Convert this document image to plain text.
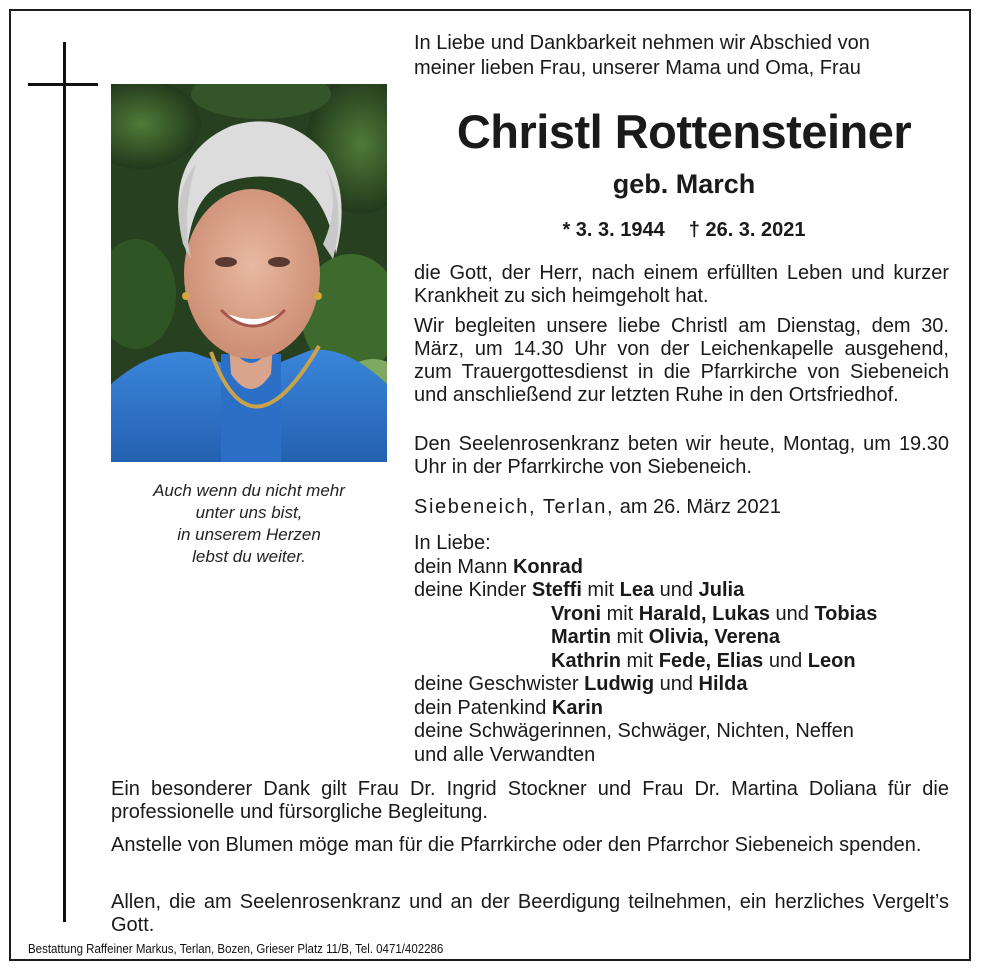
Auch wenn du nicht mehr
unter uns bist,
in unserem Herzen
lebst du weiter.
In Liebe und Dankbarkeit nehmen wir Abschied von
meiner lieben Frau, unserer Mama und Oma, Frau
Christl Rottensteiner
geb. March
* 3. 3. 1944 † 26. 3. 2021
die Gott, der Herr, nach einem erfüllten Leben und kurzer Krankheit zu sich heimgeholt hat.
Wir begleiten unsere liebe Christl am Dienstag, dem 30. März, um 14.30 Uhr von der Leichenkapelle ausgehend, zum Trauergottesdienst in die Pfarrkirche von Siebeneich und anschließend zur letzten Ruhe in den Ortsfriedhof.
Den Seelenrosenkranz beten wir heute, Montag, um 19.30 Uhr in der Pfarrkirche von Siebeneich.
Siebeneich, Terlan, am 26. März 2021
In Liebe:
dein Mann Konrad
deine Kinder Steffi mit Lea und Julia
Vroni mit Harald, Lukas und Tobias
Martin mit Olivia, Verena
Kathrin mit Fede, Elias und Leon
deine Geschwister Ludwig und Hilda
dein Patenkind Karin
deine Schwägerinnen, Schwäger, Nichten, Neffen
und alle Verwandten
Ein besonderer Dank gilt Frau Dr. Ingrid Stockner und Frau Dr. Martina Doliana für die professionelle und fürsorgliche Begleitung.
Anstelle von Blumen möge man für die Pfarrkirche oder den Pfarrchor Siebeneich spenden.
Allen, die am Seelenrosenkranz und an der Beerdigung teilnehmen, ein herzliches Vergelt’s Gott.
Bestattung Raffeiner Markus, Terlan, Bozen, Grieser Platz 11/B, Tel. 0471/402286
